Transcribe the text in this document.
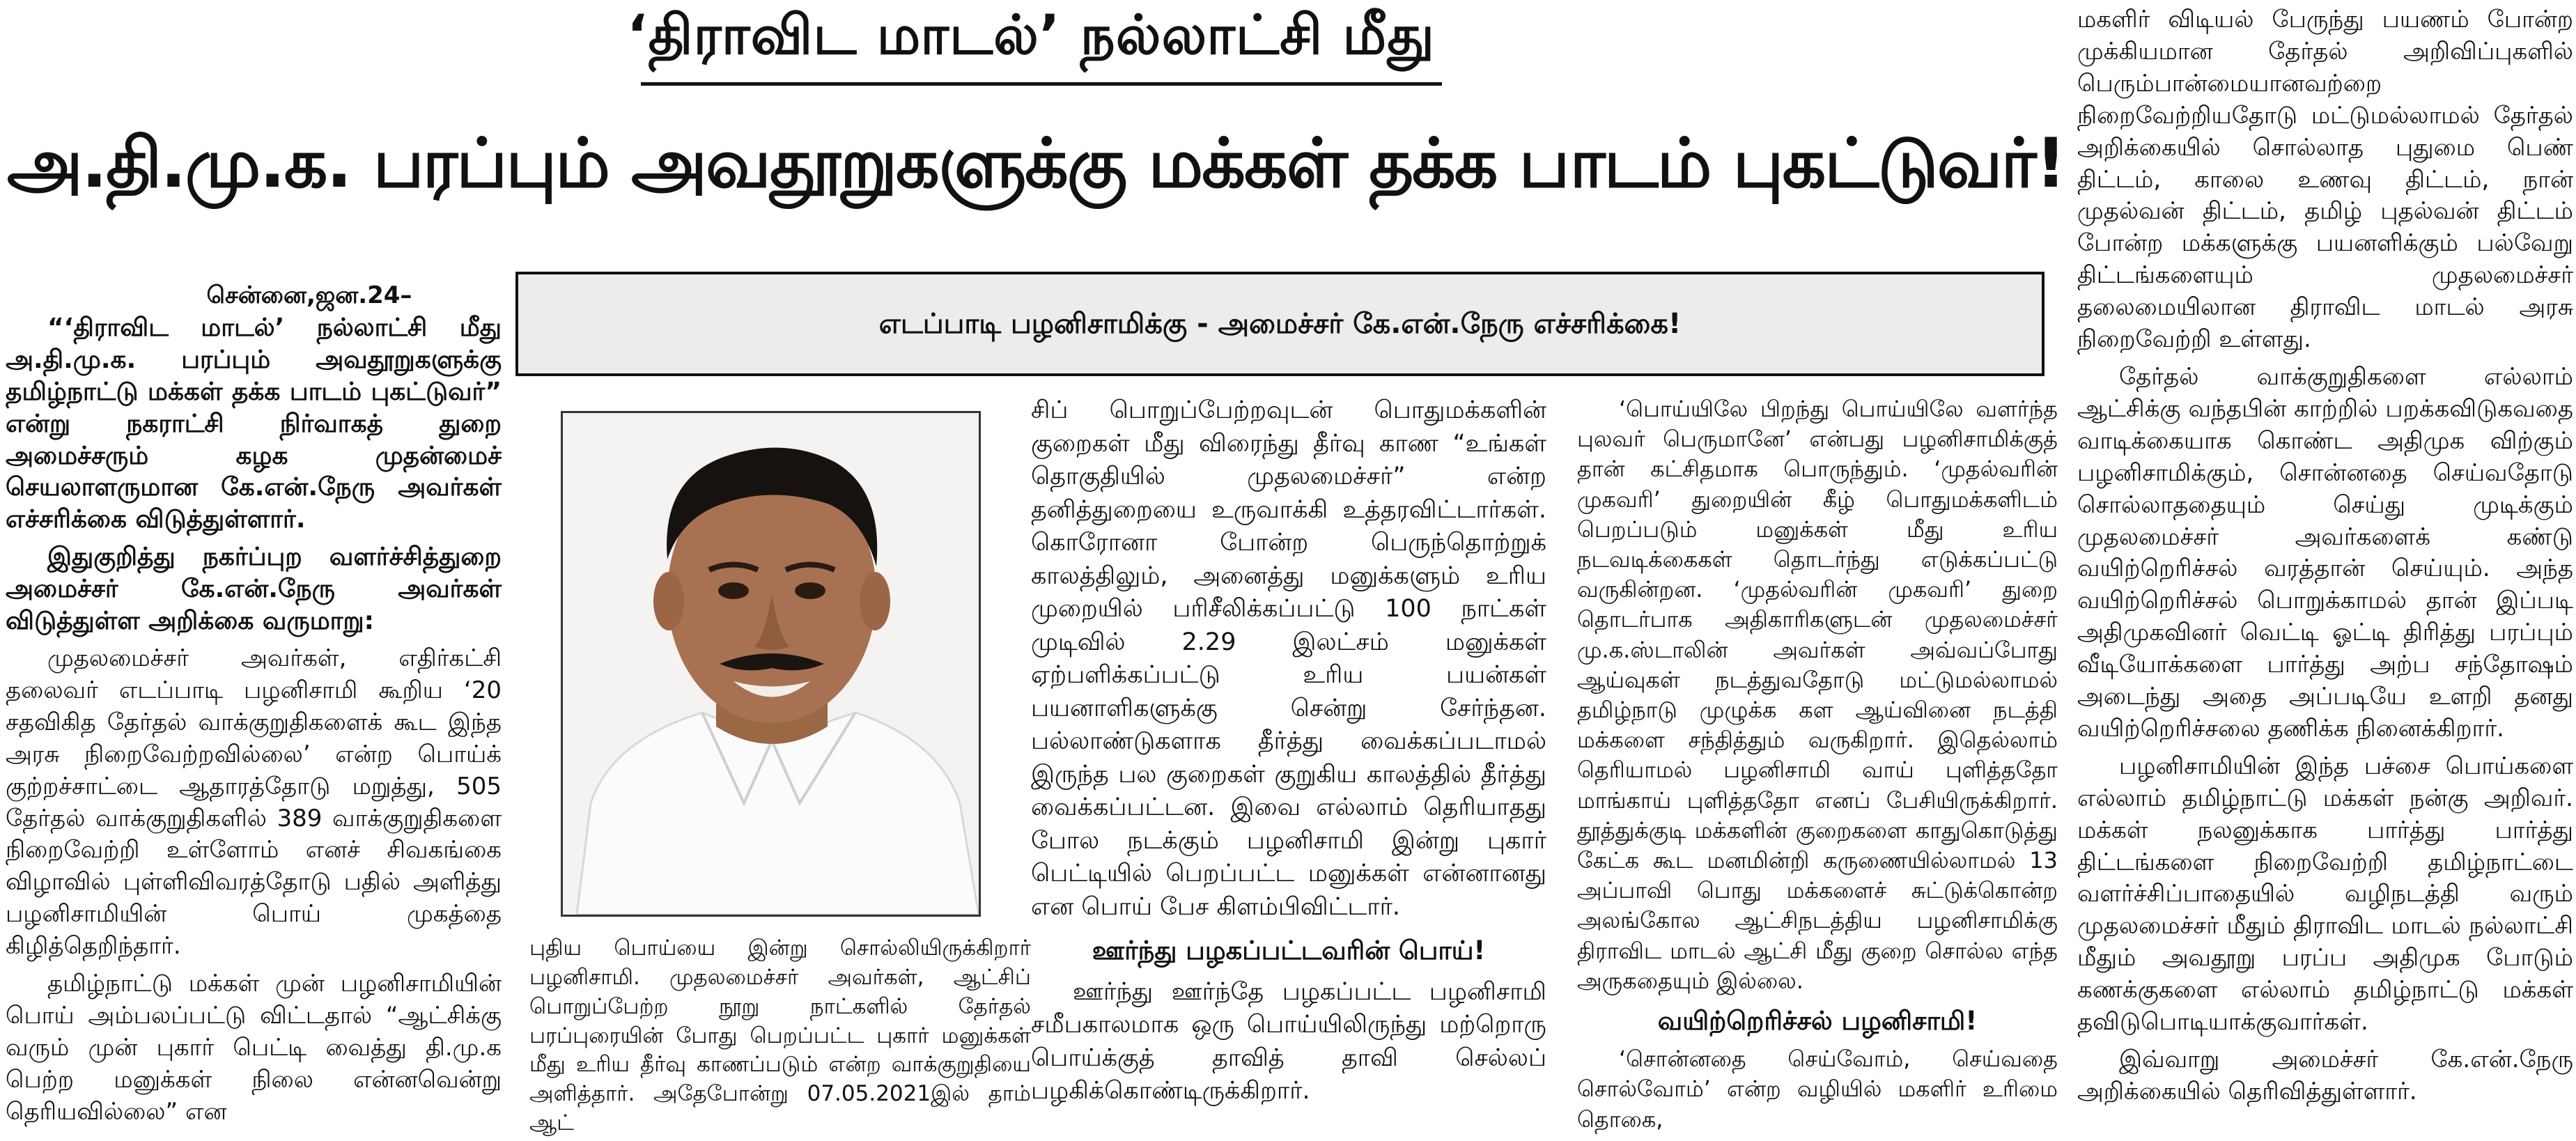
‘திராவிட மாடல்’ நல்லாட்சி மீது
அ.தி.மு.க. பரப்பும் அவதூறுகளுக்கு மக்கள் தக்க பாடம் புகட்டுவர்!
எடப்பாடி பழனிசாமிக்கு - அமைச்சர் கே.என்.நேரு எச்சரிக்கை!

சென்னை,ஜன.24–

“‘திராவிட மாடல்’ நல்லாட்சி மீது அ.தி.மு.க. பரப்பும் அவதூறுகளுக்கு தமிழ்நாட்டு மக்கள் தக்க பாடம் புகட்டுவர்” என்று நகராட்சி நிர்வாகத் துறை அமைச்சரும் கழக முதன்மைச் செயலாளருமான கே.என்.நேரு அவர்கள் எச்சரிக்கை விடுத்துள்ளார்.

இதுகுறித்து நகர்ப்புற வளர்ச்சித்துறை அமைச்சர் கே.என்.நேரு அவர்கள் விடுத்துள்ள அறிக்கை வருமாறு:

முதலமைச்சர் அவர்கள், எதிர்கட்சி தலைவர் எடப்பாடி பழனிசாமி கூறிய ‘20 சதவிகித தேர்தல் வாக்குறுதிகளைக் கூட இந்த அரசு நிறைவேற்றவில்லை’ என்ற பொய்க் குற்றச்சாட்டை ஆதாரத்தோடு மறுத்து, 505 தேர்தல் வாக்குறுதிகளில் 389 வாக்குறுதிகளை நிறைவேற்றி உள்ளோம் எனச் சிவகங்கை விழாவில் புள்ளிவிவரத்தோடு பதில் அளித்து பழனிசாமியின் பொய் முகத்தை கிழித்தெறிந்தார்.

தமிழ்நாட்டு மக்கள் முன் பழனிசாமியின் பொய் அம்பலப்பட்டு விட்டதால் “ஆட்சிக்கு வரும் முன் புகார் பெட்டி வைத்து தி.மு.க பெற்ற மனுக்கள் நிலை என்னவென்று தெரியவில்லை” என

சிப் பொறுப்பேற்றவுடன் பொதுமக்களின் குறைகள் மீது விரைந்து தீர்வு காண “உங்கள் தொகுதியில் முதலமைச்சர்” என்ற தனித்துறையை உருவாக்கி உத்தரவிட்டார்கள். கொரோனா போன்ற பெருந்தொற்றுக் காலத்திலும், அனைத்து மனுக்களும் உரிய முறையில் பரிசீலிக்கப்பட்டு 100 நாட்கள் முடிவில் 2.29 இலட்சம் மனுக்கள் ஏற்பளிக்கப்பட்டு உரிய பயன்கள் பயனாளிகளுக்கு சென்று சேர்ந்தன. பல்லாண்டுகளாக தீர்த்து வைக்கப்படாமல் இருந்த பல குறைகள் குறுகிய காலத்தில் தீர்த்து வைக்கப்பட்டன. இவை எல்லாம் தெரியாதது போல நடக்கும் பழனிசாமி இன்று புகார் பெட்டியில் பெறப்பட்ட மனுக்கள் என்னானது என பொய் பேச கிளம்பிவிட்டார்.

புதிய பொய்யை இன்று சொல்லியிருக்கிறார் பழனிசாமி. முதலமைச்சர் அவர்கள், ஆட்சிப் பொறுப்பேற்ற நூறு நாட்களில் தேர்தல் பரப்புரையின் போது பெறப்பட்ட புகார் மனுக்கள் மீது உரிய தீர்வு காணப்படும் என்ற வாக்குறுதியை அளித்தார். அதேபோன்று 07.05.2021இல் தாம் ஆட்

ஊர்ந்து பழகப்பட்டவரின் பொய்!

ஊர்ந்து ஊர்ந்தே பழகப்பட்ட பழனிசாமி சமீபகாலமாக ஒரு பொய்யிலிருந்து மற்றொரு பொய்க்குத் தாவித் தாவி செல்லப் பழகிக்கொண்டிருக்கிறார்.

‘பொய்யிலே பிறந்து பொய்யிலே வளர்ந்த புலவர் பெருமானே’ என்பது பழனிசாமிக்குத் தான் கட்சிதமாக பொருந்தும். ‘முதல்வரின் முகவரி’ துறையின் கீழ் பொதுமக்களிடம் பெறப்படும் மனுக்கள் மீது உரிய நடவடிக்கைகள் தொடர்ந்து எடுக்கப்பட்டு வருகின்றன. ‘முதல்வரின் முகவரி’ துறை தொடர்பாக அதிகாரிகளுடன் முதலமைச்சர் மு.க.ஸ்டாலின் அவர்கள் அவ்வப்போது ஆய்வுகள் நடத்துவதோடு மட்டுமல்லாமல் தமிழ்நாடு முழுக்க கள ஆய்வினை நடத்தி மக்களை சந்தித்தும் வருகிறார். இதெல்லாம் தெரியாமல் பழனிசாமி வாய் புளித்ததோ மாங்காய் புளித்ததோ எனப் பேசியிருக்கிறார். தூத்துக்குடி மக்களின் குறைகளை காதுகொடுத்து கேட்க கூட மனமின்றி கருணையில்லாமல் 13 அப்பாவி பொது மக்களைச் சுட்டுக்கொன்ற அலங்கோல ஆட்சிநடத்திய பழனிசாமிக்கு திராவிட மாடல் ஆட்சி மீது குறை சொல்ல எந்த அருகதையும் இல்லை.

வயிற்றெரிச்சல் பழனிசாமி!

‘சொன்னதை செய்வோம், செய்வதை சொல்வோம்’ என்ற வழியில் மகளிர் உரிமை தொகை,

மகளிர் விடியல் பேருந்து பயணம் போன்ற முக்கியமான தேர்தல் அறிவிப்புகளில் பெரும்பான்மையானவற்றை நிறைவேற்றியதோடு மட்டுமல்லாமல் தேர்தல் அறிக்கையில் சொல்லாத புதுமை பெண் திட்டம், காலை உணவு திட்டம், நான் முதல்வன் திட்டம், தமிழ் புதல்வன் திட்டம் போன்ற மக்களுக்கு பயனளிக்கும் பல்வேறு திட்டங்களையும் முதலமைச்சர் தலைமையிலான திராவிட மாடல் அரசு நிறைவேற்றி உள்ளது.

தேர்தல் வாக்குறுதிகளை எல்லாம் ஆட்சிக்கு வந்தபின் காற்றில் பறக்கவிடுகவதை வாடிக்கையாக கொண்ட அதிமுக விற்கும் பழனிசாமிக்கும், சொன்னதை செய்வதோடு சொல்லாததையும் செய்து முடிக்கும் முதலமைச்சர் அவர்களைக் கண்டு வயிற்றெரிச்சல் வரத்தான் செய்யும். அந்த வயிற்றெரிச்சல் பொறுக்காமல் தான் இப்படி அதிமுகவினர் வெட்டி ஓட்டி திரித்து பரப்பும் வீடியோக்களை பார்த்து அற்ப சந்தோஷம் அடைந்து அதை அப்படியே உளறி தனது வயிற்றெரிச்சலை தணிக்க நினைக்கிறார்.

பழனிசாமியின் இந்த பச்சை பொய்களை எல்லாம் தமிழ்நாட்டு மக்கள் நன்கு அறிவர். மக்கள் நலனுக்காக பார்த்து பார்த்து திட்டங்களை நிறைவேற்றி தமிழ்நாட்டை வளர்ச்சிப்பாதையில் வழிநடத்தி வரும் முதலமைச்சர் மீதும் திராவிட மாடல் நல்லாட்சி மீதும் அவதூறு பரப்ப அதிமுக போடும் கணக்குகளை எல்லாம் தமிழ்நாட்டு மக்கள் தவிடுபொடியாக்குவார்கள்.

இவ்வாறு அமைச்சர் கே.என்.நேரு அறிக்கையில் தெரிவித்துள்ளார்.
